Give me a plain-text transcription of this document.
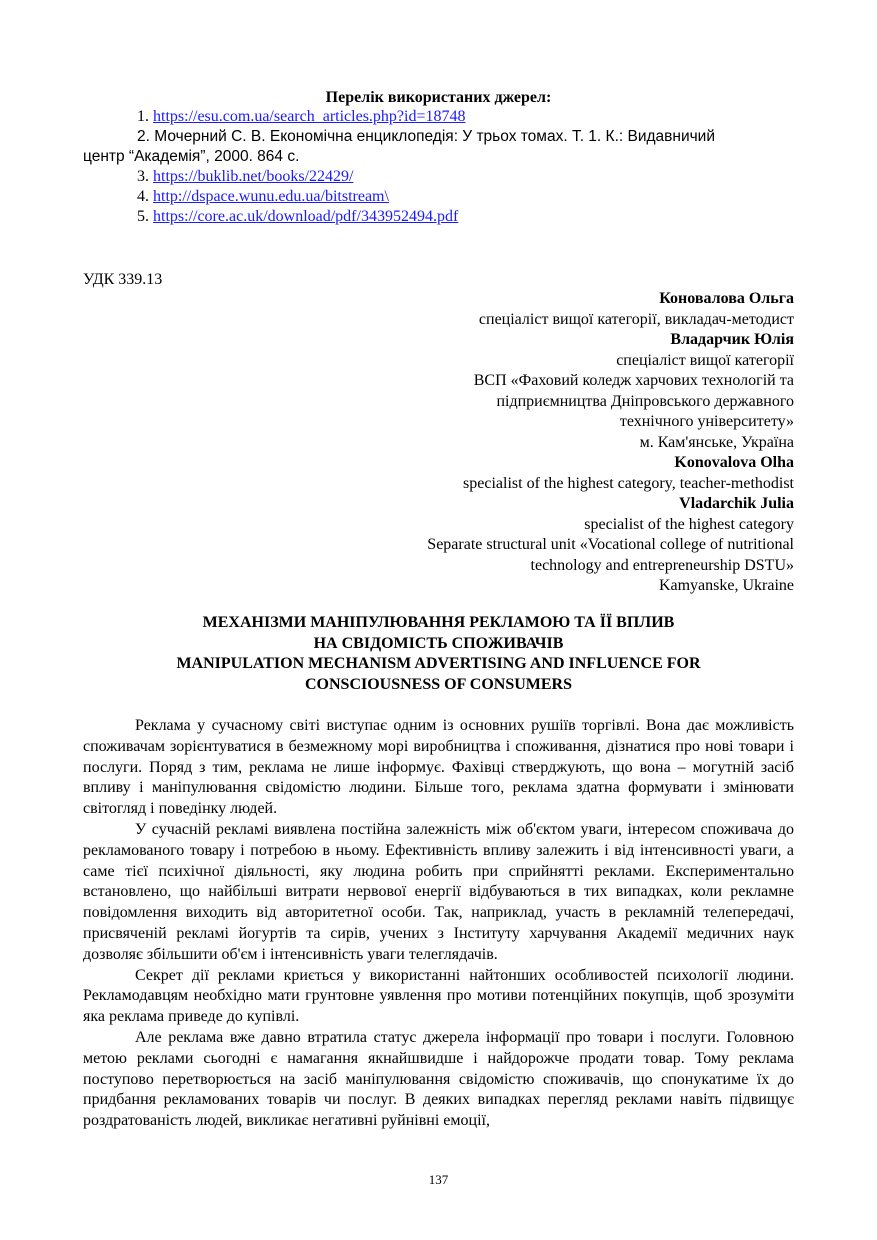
Перелік використаних джерел:
1. https://esu.com.ua/search_articles.php?id=18748
2. Мочерний С. В. Економічна енциклопедія: У трьох томах. Т. 1. К.: Видавничий
центр “Академія”, 2000. 864 с.
3. https://buklib.net/books/22429/
4. http://dspace.wunu.edu.ua/bitstream\
5. https://core.ac.uk/download/pdf/343952494.pdf
УДК 339.13
Коновалова Ольга
спеціаліст вищої категорії, викладач-методист
Владарчик Юлія
спеціаліст вищої категорії
ВСП «Фаховий коледж харчових технологій та
підприємництва Дніпровського державного
технічного університету»
м. Кам'янське, Україна
Konovalova Olha
specialist of the highest category, teacher-methodist
Vladarchik Julia
specialist of the highest category
Separate structural unit «Vocational college of nutritional
technology and entrepreneurship DSTU»
Kamyanske, Ukraine
МЕХАНІЗМИ МАНІПУЛЮВАННЯ РЕКЛАМОЮ ТА ЇЇ ВПЛИВ
НА СВІДОМІСТЬ СПОЖИВАЧІВ
MANIPULATION MECHANISM ADVERTISING AND INFLUENCE FOR
CONSCIOUSNESS OF CONSUMERS

Реклама у сучасному світі виступає одним із основних рушіїв торгівлі. Вона дає можливість споживачам зорієнтуватися в безмежному морі виробництва і споживання, дізнатися про нові товари і послуги. Поряд з тим, реклама не лише інформує. Фахівці стверджують, що вона – могутній засіб впливу і маніпулювання свідомістю людини. Більше того, реклама здатна формувати і змінювати світогляд і поведінку людей.

У сучасній рекламі виявлена постійна залежність між об'єктом уваги, інтересом споживача до рекламованого товару і потребою в ньому. Ефективність впливу залежить і від інтенсивності уваги, а саме тієї психічної діяльності, яку людина робить при сприйнятті реклами. Експериментально встановлено, що найбільші витрати нервової енергії відбуваються в тих випадках, коли рекламне повідомлення виходить від авторитетної особи. Так, наприклад, участь в рекламній телепередачі, присвяченій рекламі йогуртів та сирів, учених з Інституту харчування Академії медичних наук дозволяє збільшити об'єм і інтенсивність уваги телеглядачів.

Секрет дії реклами криється у використанні найтонших особливостей психології людини. Рекламодавцям необхідно мати грунтовне уявлення про мотиви потенційних покупців, щоб зрозуміти яка реклама приведе до купівлі.

Але реклама вже давно втратила статус джерела інформації про товари і послуги. Головною метою реклами сьогодні є намагання якнайшвидше і найдорожче продати товар. Тому реклама поступово перетворюється на засіб маніпулювання свідомістю споживачів, що спонукатиме їх до придбання рекламованих товарів чи послуг. В деяких випадках перегляд реклами навіть підвищує роздратованість людей, викликає негативні руйнівні емоції,

137
